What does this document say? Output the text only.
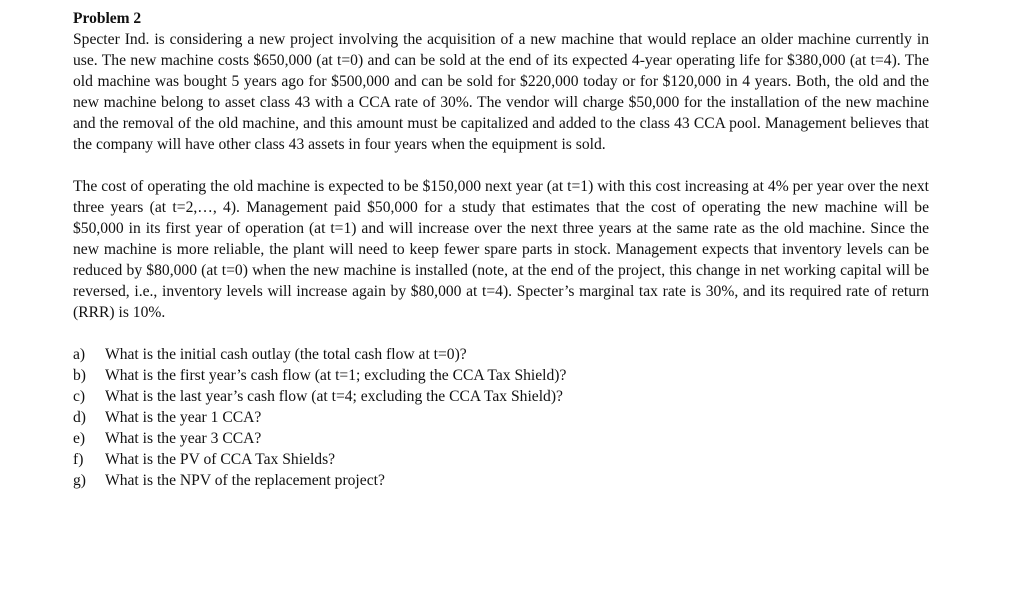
Problem 2

Specter Ind. is considering a new project involving the acquisition of a new machine that would replace an older machine currently in use. The new machine costs $650,000 (at t=0) and can be sold at the end of its expected 4-year operating life for $380,000 (at t=4). The old machine was bought 5 years ago for $500,000 and can be sold for $220,000 today or for $120,000 in 4 years. Both, the old and the new machine belong to asset class 43 with a CCA rate of 30%. The vendor will charge $50,000 for the installation of the new machine and the removal of the old machine, and this amount must be capitalized and added to the class 43 CCA pool. Management believes that the company will have other class 43 assets in four years when the equipment is sold.

The cost of operating the old machine is expected to be $150,000 next year (at t=1) with this cost increasing at 4% per year over the next three years (at t=2,…, 4). Management paid $50,000 for a study that estimates that the cost of operating the new machine will be $50,000 in its first year of operation (at t=1) and will increase over the next three years at the same rate as the old machine. Since the new machine is more reliable, the plant will need to keep fewer spare parts in stock. Management expects that inventory levels can be reduced by $80,000 (at t=0) when the new machine is installed (note, at the end of the project, this change in net working capital will be reversed, i.e., inventory levels will increase again by $80,000 at t=4). Specter’s marginal tax rate is 30%, and its required rate of return (RRR) is 10%.

a)	What is the initial cash outlay (the total cash flow at t=0)?
b)	What is the first year’s cash flow (at t=1; excluding the CCA Tax Shield)?
c)	What is the last year’s cash flow (at t=4; excluding the CCA Tax Shield)?
d)	What is the year 1 CCA?
e)	What is the year 3 CCA?
f)	What is the PV of CCA Tax Shields?
g)	What is the NPV of the replacement project?
